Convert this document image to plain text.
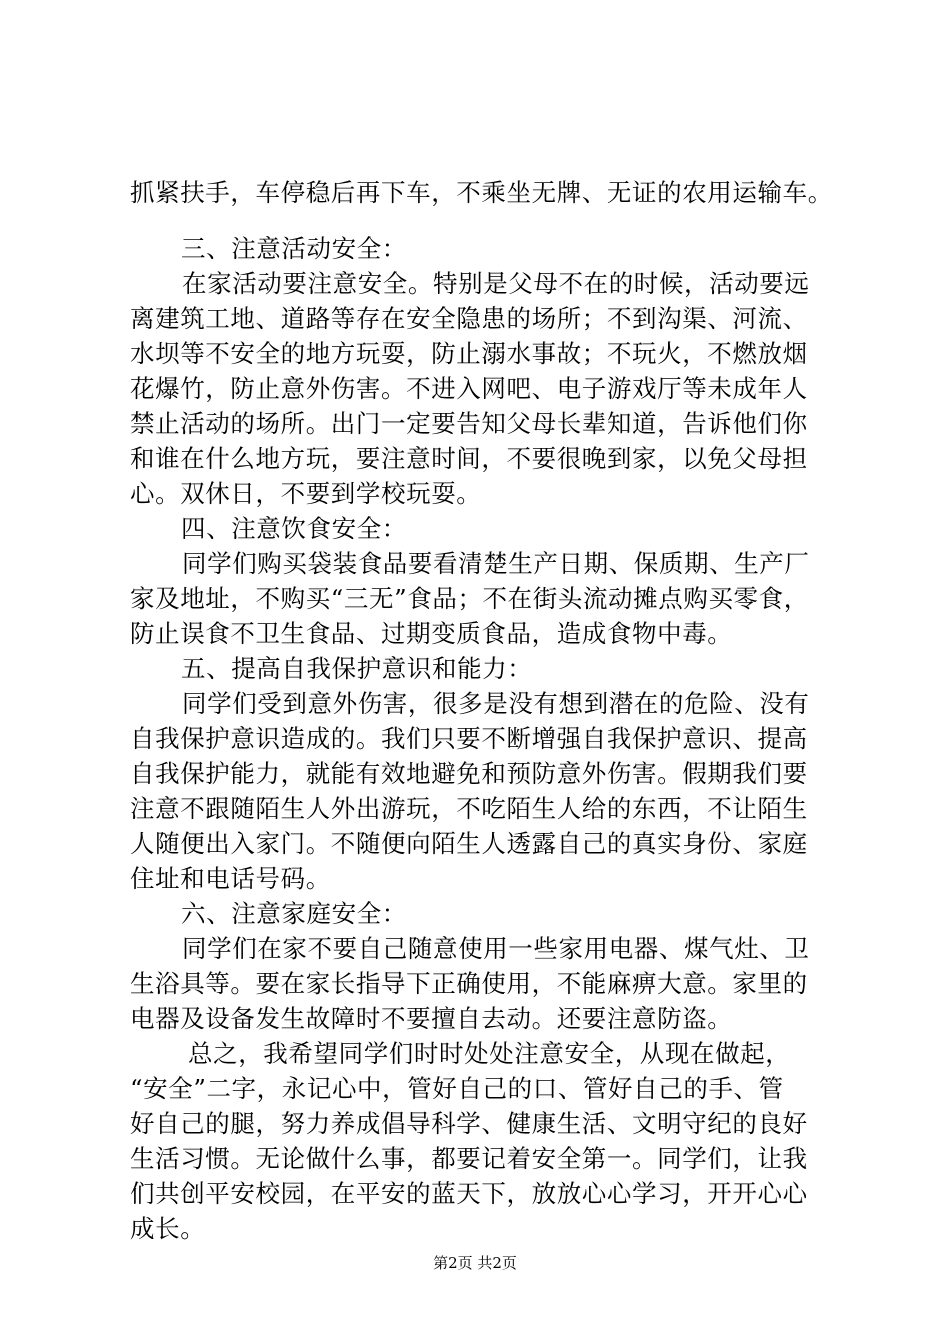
抓紧扶手，车停稳后再下车，不乘坐无牌、无证的农用运输车。
三、注意活动安全：
在家活动要注意安全。特别是父母不在的时候，活动要远
离建筑工地、道路等存在安全隐患的场所；不到沟渠、河流、
水坝等不安全的地方玩耍，防止溺水事故；不玩火，不燃放烟
花爆竹，防止意外伤害。不进入网吧、电子游戏厅等未成年人
禁止活动的场所。出门一定要告知父母长辈知道，告诉他们你
和谁在什么地方玩，要注意时间，不要很晚到家，以免父母担
心。双休日，不要到学校玩耍。
四、注意饮食安全：
同学们购买袋装食品要看清楚生产日期、保质期、生产厂
家及地址，不购买“三无”食品；不在街头流动摊点购买零食，
防止误食不卫生食品、过期变质食品，造成食物中毒。
五、提高自我保护意识和能力：
同学们受到意外伤害，很多是没有想到潜在的危险、没有
自我保护意识造成的。我们只要不断增强自我保护意识、提高
自我保护能力，就能有效地避免和预防意外伤害。假期我们要
注意不跟随陌生人外出游玩，不吃陌生人给的东西，不让陌生
人随便出入家门。不随便向陌生人透露自己的真实身份、家庭
住址和电话号码。
六、注意家庭安全：
同学们在家不要自己随意使用一些家用电器、煤气灶、卫
生浴具等。要在家长指导下正确使用，不能麻痹大意。家里的
电器及设备发生故障时不要擅自去动。还要注意防盗。
总之，我希望同学们时时处处注意安全，从现在做起，
“安全”二字，永记心中，管好自己的口、管好自己的手、管
好自己的腿，努力养成倡导科学、健康生活、文明守纪的良好
生活习惯。无论做什么事，都要记着安全第一。同学们，让我
们共创平安校园，在平安的蓝天下，放放心心学习，开开心心
成长。
第2页 共2页
